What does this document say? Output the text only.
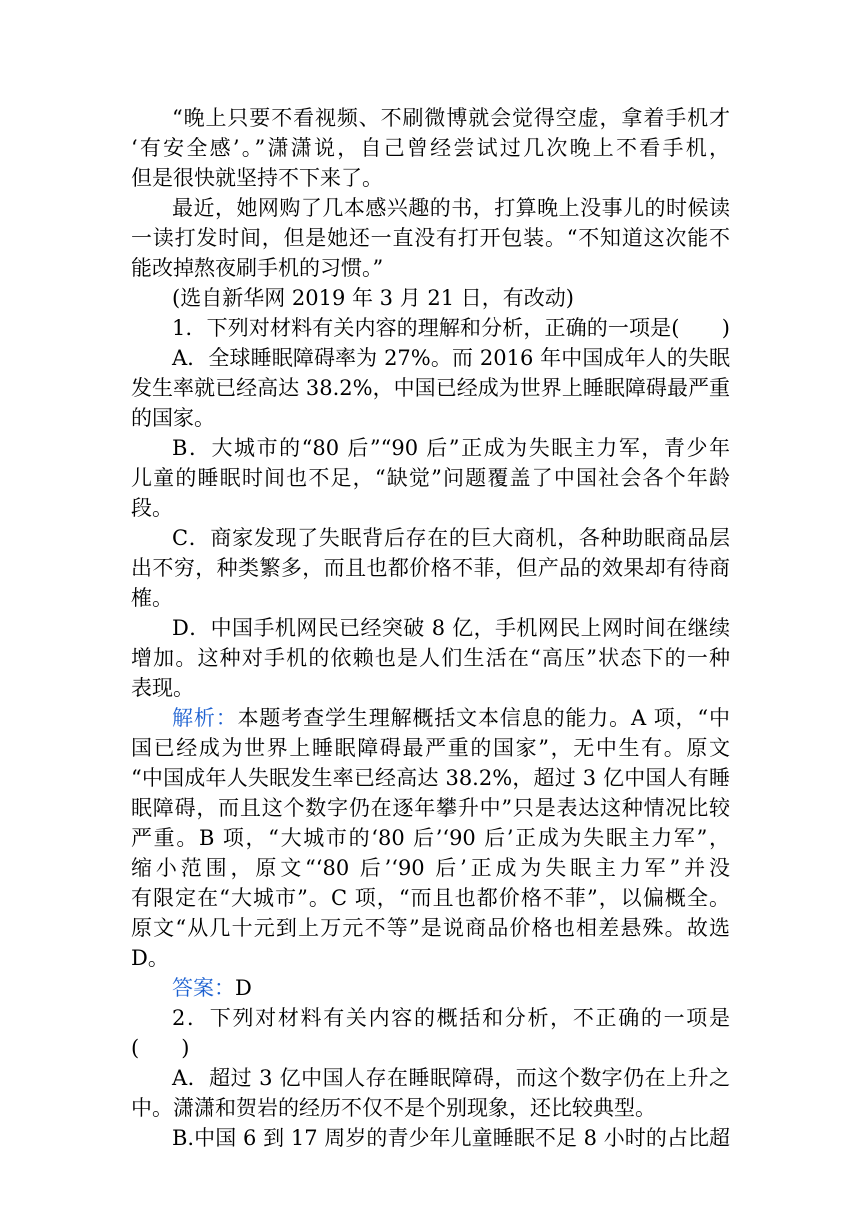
“晚上只要不看视频、不刷微博就会觉得空虚，拿着手机才
‘有安全感’。”潇潇说，自己曾经尝试过几次晚上不看手机，
但是很快就坚持不下来了。
最近，她网购了几本感兴趣的书，打算晚上没事儿的时候读
一读打发时间，但是她还一直没有打开包装。“不知道这次能不
能改掉熬夜刷手机的习惯。”
(选自新华网 2019 年 3 月 21 日，有改动)
1．下列对材料有关内容的理解和分析，正确的一项是(　　)
A．全球睡眠障碍率为 27%。而 2016 年中国成年人的失眠
发生率就已经高达 38.2%，中国已经成为世界上睡眠障碍最严重
的国家。
B．大城市的“80 后”“90 后”正成为失眠主力军，青少年
儿童的睡眠时间也不足，“缺觉”问题覆盖了中国社会各个年龄
段。
C．商家发现了失眠背后存在的巨大商机，各种助眠商品层
出不穷，种类繁多，而且也都价格不菲，但产品的效果却有待商
榷。
D．中国手机网民已经突破 8 亿，手机网民上网时间在继续
增加。这种对手机的依赖也是人们生活在“高压”状态下的一种
表现。
解析：本题考查学生理解概括文本信息的能力。A 项，“中
国已经成为世界上睡眠障碍最严重的国家”，无中生有。原文
“中国成年人失眠发生率已经高达 38.2%，超过 3 亿中国人有睡
眠障碍，而且这个数字仍在逐年攀升中”只是表达这种情况比较
严重。B 项，“大城市的‘80 后’‘90 后’正成为失眠主力军”，
缩小范围，原文“‘80 后’‘90 后’正成为失眠主力军”并没
有限定在“大城市”。C 项，“而且也都价格不菲”，以偏概全。
原文“从几十元到上万元不等”是说商品价格也相差悬殊。故选
D。
答案：D
2．下列对材料有关内容的概括和分析，不正确的一项是
(　　)
A．超过 3 亿中国人存在睡眠障碍，而这个数字仍在上升之
中。潇潇和贺岩的经历不仅不是个别现象，还比较典型。
B.中国 6 到 17 周岁的青少年儿童睡眠不足 8 小时的占比超
